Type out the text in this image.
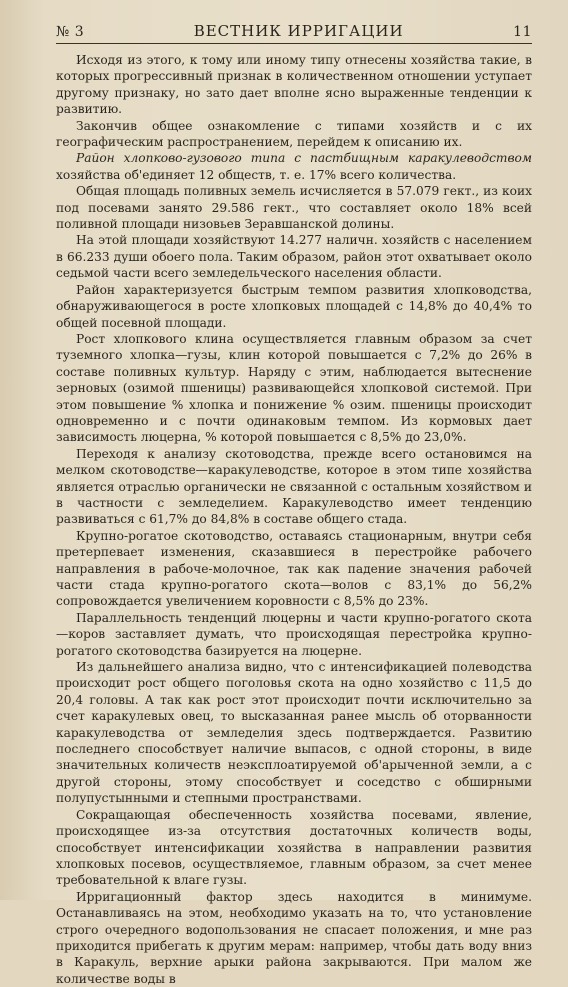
№ 3	ВЕСТНИК ИРРИГАЦИИ	11

Исходя из этого, к тому или иному типу отнесены хозяйства такие, в которых прогрессивный признак в количественном отношении уступает другому признаку, но зато дает вполне ясно выраженные тенденции к развитию.

Закончив общее ознакомление с типами хозяйств и с их географическим распространением, перейдем к описанию их.

Район хлопково-гузового типа с пастбищным каракулеводством хозяйства об'единяет 12 обществ, т. е. 17% всего количества.

Общая площадь поливных земель исчисляется в 57.079 гект., из коих под посевами занято 29.586 гект., что составляет около 18% всей поливной площади низовьев Зеравшанской долины.

На этой площади хозяйствуют 14.277 наличн. хозяйств с населением в 66.233 души обоего пола. Таким образом, район этот охватывает около седьмой части всего земледельческого населения области.

Район характеризуется быстрым темпом развития хлопководства, обнаруживающегося в росте хлопковых площадей с 14,8% до 40,4% то общей посевной площади.

Рост хлопкового клина осуществляется главным образом за счет туземного хлопка—гузы, клин которой повышается с 7,2% до 26% в составе поливных культур. Наряду с этим, наблюдается вытеснение зерновых (озимой пшеницы) развивающейся хлопковой системой. При этом повышение % хлопка и понижение % озим. пшеницы происходит одновременно и с почти одинаковым темпом. Из кормовых дает зависимость люцерна, % которой повышается с 8,5% до 23,0%.

Переходя к анализу скотоводства, прежде всего остановимся на мелком скотоводстве—каракулеводстве, которое в этом типе хозяйства является отраслью органически не связанной с остальным хозяйством и в частности с земледелием. Каракулеводство имеет тенденцию развиваться с 61,7% до 84,8% в составе общего стада.

Крупно-рогатое скотоводство, оставаясь стационарным, внутри себя претерпевает изменения, сказавшиеся в перестройке рабочего направления в рабоче-молочное, так как падение значения рабочей части стада крупно-рогатого скота—волов с 83,1% до 56,2% сопровождается увеличением коровности с 8,5% до 23%.

Параллельность тенденций люцерны и части крупно-рогатого скота—коров заставляет думать, что происходящая перестройка крупно-рогатого скотоводства базируется на люцерне.

Из дальнейшего анализа видно, что с интенсификацией полеводства происходит рост общего поголовья скота на одно хозяйство с 11,5 до 20,4 головы. А так как рост этот происходит почти исключительно за счет каракулевых овец, то высказанная ранее мысль об оторванности каракулеводства от земледелия здесь подтверждается. Развитию последнего способствует наличие выпасов, с одной стороны, в виде значительных количеств неэксплоатируемой об'арыченной земли, а с другой стороны, этому способствует и соседство с обширными полупустынными и степными пространствами.

Сокращающая обеспеченность хозяйства посевами, явление, происходящее из-за отсутствия достаточных количеств воды, способствует интенсификации хозяйства в направлении развития хлопковых посевов, осуществляемое, главным образом, за счет менее требовательной к влаге гузы.

Ирригационный фактор здесь находится в минимуме. Останавливаясь на этом, необходимо указать на то, что установление строго очередного водопользования не спасает положения, и мне раз приходится прибегать к другим мерам: например, чтобы дать воду вниз в Каракуль, верхние арыки района закрываются. При малом же количестве воды в
